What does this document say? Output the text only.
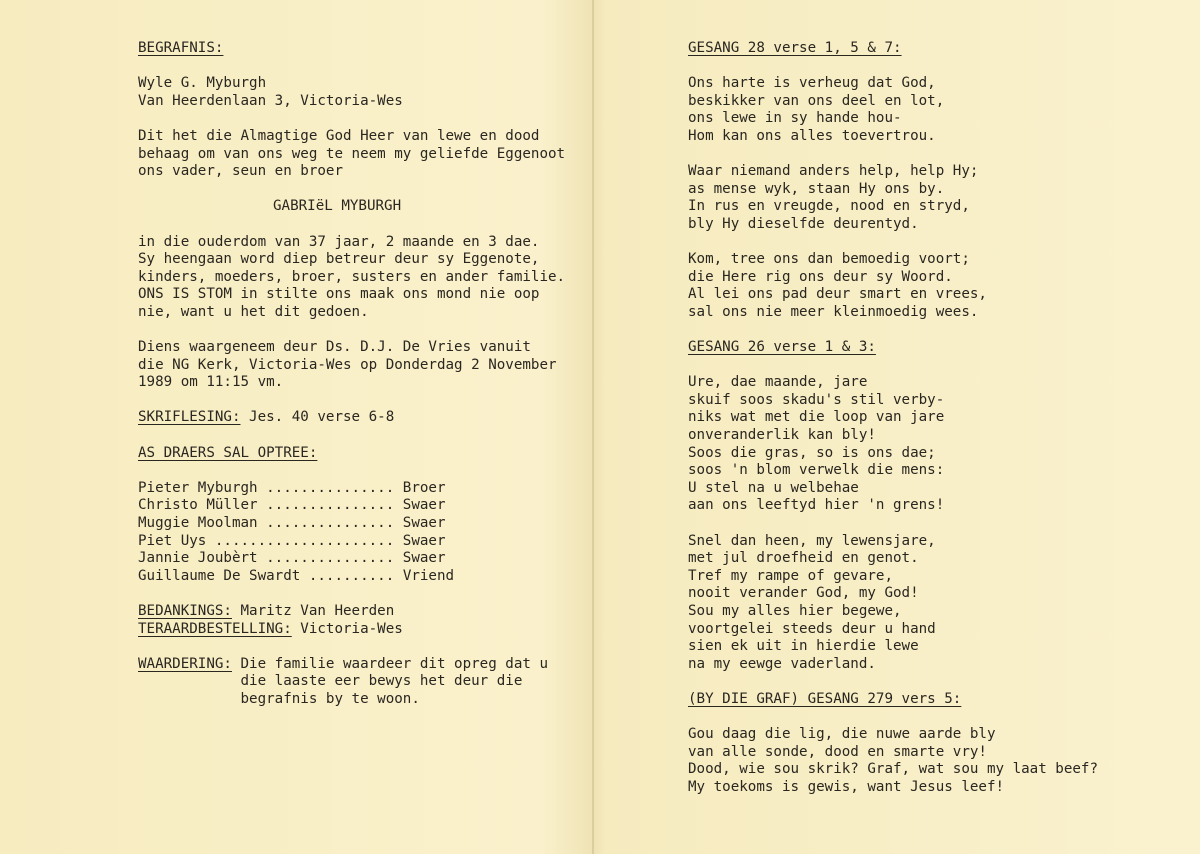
BEGRAFNIS:
Wyle G. Myburgh
Van Heerdenlaan 3, Victoria-Wes
Dit het die Almagtige God Heer van lewe en dood
behaag om van ons weg te neem my geliefde Eggenoot
ons vader, seun en broer
GABRIëL MYBURGH
in die ouderdom van 37 jaar, 2 maande en 3 dae.
Sy heengaan word diep betreur deur sy Eggenote,
kinders, moeders, broer, susters en ander familie.
ONS IS STOM in stilte ons maak ons mond nie oop
nie, want u het dit gedoen.
Diens waargeneem deur Ds. D.J. De Vries vanuit
die NG Kerk, Victoria-Wes op Donderdag 2 November
1989 om 11:15 vm.
SKRIFLESING: Jes. 40 verse 6-8
AS DRAERS SAL OPTREE:
Pieter Myburgh ............... Broer
Christo Müller ............... Swaer
Muggie Moolman ............... Swaer
Piet Uys ..................... Swaer
Jannie Joubèrt ............... Swaer
Guillaume De Swardt .......... Vriend
BEDANKINGS: Maritz Van Heerden
TERAARDBESTELLING: Victoria-Wes
WAARDERING: Die familie waardeer dit opreg dat u
die laaste eer bewys het deur die
begrafnis by te woon.
GESANG 28 verse 1, 5 & 7:
Ons harte is verheug dat God,
beskikker van ons deel en lot,
ons lewe in sy hande hou-
Hom kan ons alles toevertrou.
Waar niemand anders help, help Hy;
as mense wyk, staan Hy ons by.
In rus en vreugde, nood en stryd,
bly Hy dieselfde deurentyd.
Kom, tree ons dan bemoedig voort;
die Here rig ons deur sy Woord.
Al lei ons pad deur smart en vrees,
sal ons nie meer kleinmoedig wees.
GESANG 26 verse 1 & 3:
Ure, dae maande, jare
skuif soos skadu's stil verby-
niks wat met die loop van jare
onveranderlik kan bly!
Soos die gras, so is ons dae;
soos 'n blom verwelk die mens:
U stel na u welbehae
aan ons leeftyd hier 'n grens!
Snel dan heen, my lewensjare,
met jul droefheid en genot.
Tref my rampe of gevare,
nooit verander God, my God!
Sou my alles hier begewe,
voortgelei steeds deur u hand
sien ek uit in hierdie lewe
na my eewge vaderland.
(BY DIE GRAF) GESANG 279 vers 5:
Gou daag die lig, die nuwe aarde bly
van alle sonde, dood en smarte vry!
Dood, wie sou skrik? Graf, wat sou my laat beef?
My toekoms is gewis, want Jesus leef!
